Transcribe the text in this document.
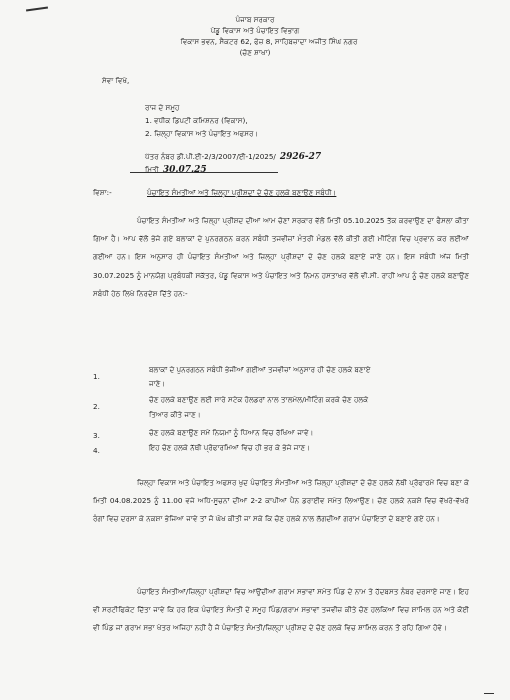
ਪੰਜਾਬ ਸਰਕਾਰ
ਪੇਂਡੂ ਵਿਕਾਸ ਅਤੇ ਪੰਚਾਇਤ ਵਿਭਾਗ
ਵਿਕਾਸ ਭਵਨ, ਸੈਕਟਰ 62, ਫੇਜ਼ 8, ਸਾਹਿਬਜ਼ਾਦਾ ਅਜੀਤ ਸਿੰਘ ਨਗਰ
(ਚੋਣ ਸ਼ਾਖਾ)
ਸੇਵਾ ਵਿਖੇ,
ਰਾਜ ਦੇ ਸਮੂਹ
1. ਵਧੀਕ ਡਿਪਟੀ ਕਮਿਸ਼ਨਰ (ਵਿਕਾਸ),
2. ਜ਼ਿਲ੍ਹਾ ਵਿਕਾਸ ਅਤੇ ਪੰਚਾਇਤ ਅਫਸਰ।
ਪੱਤਰ ਨੰਬਰ ਡੀ.ਪੀ.ਈ-2/3/2007/ਈ-1/2025/ 2926-27
ਮਿਤੀ 30.07.25
ਵਿਸ਼ਾ:-	ਪੰਚਾਇਤ ਸੰਮਤੀਆਂ ਅਤੇ ਜ਼ਿਲ੍ਹਾ ਪ੍ਰੀਸ਼ਦਾਂ ਦੇ ਚੋਣ ਹਲਕੇ ਬਣਾਉਣ ਸਬੰਧੀ।
ਪੰਚਾਇਤ ਸੰਮਤੀਆਂ ਅਤੇ ਜ਼ਿਲ੍ਹਾ ਪ੍ਰੀਸ਼ਦ ਦੀਆਂ ਆਮ ਚੋਣਾਂ ਸਰਕਾਰ ਵੱਲੋਂ ਮਿਤੀ 05.10.2025 ਤੱਕ ਕਰਵਾਉਣ ਦਾ ਫੈਸਲਾ ਕੀਤਾ ਗਿਆ ਹੈ। ਆਪ ਵੱਲੋਂ ਭੇਜੇ ਗਏ ਬਲਾਕਾਂ ਦੇ ਪੁਨਰਗਠਨ ਕਰਨ ਸਬੰਧੀ ਤਜਵੀਜ਼ਾਂ ਮੰਤਰੀ ਮੰਡਲ ਵੱਲੋਂ ਕੀਤੀ ਗਈ ਮੀਟਿੰਗ ਵਿਚ ਪ੍ਰਵਾਨ ਕਰ ਲਈਆਂ ਗਈਆਂ ਹਨ। ਇਸ ਅਨੁਸਾਰ ਹੀ ਪੰਚਾਇਤ ਸੰਮਤੀਆਂ ਅਤੇ ਜ਼ਿਲ੍ਹਾ ਪ੍ਰੀਸ਼ਦਾਂ ਦੇ ਚੋਣ ਹਲਕੇ ਬਣਾਏ ਜਾਣੇ ਹਨ। ਇਸ ਸਬੰਧੀ ਅੱਜ ਮਿਤੀ 30.07.2025 ਨੂੰ ਮਾਨਯੋਗ ਪ੍ਰਬੰਧਕੀ ਸਕੱਤਰ, ਪੇਂਡੂ ਵਿਕਾਸ ਅਤੇ ਪੰਚਾਇਤ ਅਤੇ ਨਿਮਨ ਹਸਤਾਖਰ ਵੱਲੋਂ ਵੀ.ਸੀ. ਰਾਹੀਂ ਆਪ ਨੂੰ ਚੋਣ ਹਲਕੇ ਬਣਾਉਣ ਸਬੰਧੀ ਹੇਠ ਲਿਖੇ ਨਿਰਦੇਸ਼ ਦਿੱਤੇ ਹਨ:-
1.
ਬਲਾਕਾਂ ਦੇ ਪੁਨਰਗਠਨ ਸਬੰਧੀ ਭੇਜੀਆਂ ਗਈਆਂ ਤਜਵੀਜ਼ਾਂ ਅਨੁਸਾਰ ਹੀ ਚੋਣ ਹਲਕੇ ਬਣਾਏ
ਜਾਣੇ।
2.
ਚੋਣ ਹਲਕੇ ਬਣਾਉਣ ਲਈ ਸਾਰੇ ਸਟੇਕ ਹੋਲਡਰਾਂ ਨਾਲ ਤਾਲਮੇਲ/ਮੀਟਿੰਗ ਕਰਕੇ ਚੋਣ ਹਲਕੇ
ਤਿਆਰ ਕੀਤੇ ਜਾਣ।
3.	ਚੋਣ ਹਲਕੇ ਬਣਾਉਣ ਸਮੇਂ ਨਿਯਮਾਂ ਨੂੰ ਧਿਆਨ ਵਿਚ ਰੱਖਿਆ ਜਾਵੇ।
4.	ਇਹ ਚੋਣ ਹਲਕੇ ਨੱਥੀ ਪ੍ਰੋਫਾਰਮਿਆਂ ਵਿਚ ਹੀ ਭਰ ਕੇ ਭੇਜੇ ਜਾਣ।
ਜ਼ਿਲ੍ਹਾ ਵਿਕਾਸ ਅਤੇ ਪੰਚਾਇਤ ਅਫਸਰ ਖੁਦ ਪੰਚਾਇਤ ਸੰਮਤੀਆਂ ਅਤੇ ਜ਼ਿਲ੍ਹਾ ਪ੍ਰੀਸ਼ਦਾਂ ਦੇ ਚੋਣ ਹਲਕੇ ਨੱਥੀ ਪ੍ਰੋਫਾਰਮੇ ਵਿਚ ਬਣਾ ਕੇ ਮਿਤੀ 04.08.2025 ਨੂੰ 11.00 ਵਜੇ ਅਧਿ-ਸੂਚਨਾਂ ਦੀਆਂ 2-2 ਕਾਪੀਆਂ ਪੈਨ ਡਰਾਈਵ ਸਮੇਤ ਲਿਆਉਣ। ਚੋਣ ਹਲਕੇ ਨਕਸ਼ੇ ਵਿਚ ਵੱਖਰੇ-ਵੱਖਰੇ ਰੰਗਾਂ ਵਿਚ ਦਰਸਾ ਕੇ ਨਕਸ਼ਾ ਭੇਜਿਆ ਜਾਵੇ ਤਾਂ ਜੋ ਘੋਖ ਕੀਤੀ ਜਾ ਸਕੇ ਕਿ ਚੋਣ ਹਲਕੇ ਨਾਲ ਲੱਗਦੀਆਂ ਗਰਾਮ ਪੰਚਾਇਤਾਂ ਦੇ ਬਣਾਏ ਗਏ ਹਨ।
ਪੰਚਾਇਤ ਸੰਮਤੀਆਂ/ਜ਼ਿਲ੍ਹਾ ਪ੍ਰੀਸ਼ਦਾਂ ਵਿਚ ਆਉਂਦੀਆਂ ਗਰਾਮ ਸਭਾਵਾਂ ਸਮੇਤ ਪਿੰਡ ਦੇ ਨਾਮ ਤੇ ਹੱਦਬਸਤ ਨੰਬਰ ਦਰਸਾਏ ਜਾਣ। ਇਹ ਵੀ ਸਰਟੀਫਿਕੇਟ ਦਿੱਤਾ ਜਾਵੇ ਕਿ ਹਰ ਇਕ ਪੰਚਾਇਤ ਸੰਮਤੀ ਦੇ ਸਮੂਹ ਪਿੰਡ/ਗਰਾਮ ਸਭਾਵਾਂ ਤਜਵੀਜ਼ ਕੀਤੇ ਚੋਣ ਹਲਕਿਆਂ ਵਿਚ ਸ਼ਾਮਿਲ ਹਨ ਅਤੇ ਕੋਈ ਵੀ ਪਿੰਡ ਜਾਂ ਗਰਾਮ ਸਭਾ ਖੇਤਰ ਅਜਿਹਾ ਨਹੀਂ ਹੈ ਜੋ ਪੰਚਾਇਤ ਸੰਮਤੀ/ਜ਼ਿਲ੍ਹਾ ਪ੍ਰੀਸ਼ਦ ਦੇ ਚੋਣ ਹਲਕੇ ਵਿਚ ਸ਼ਾਮਿਲ ਕਰਨ ਤੋਂ ਰਹਿ ਗਿਆ ਹੋਵੇ।
